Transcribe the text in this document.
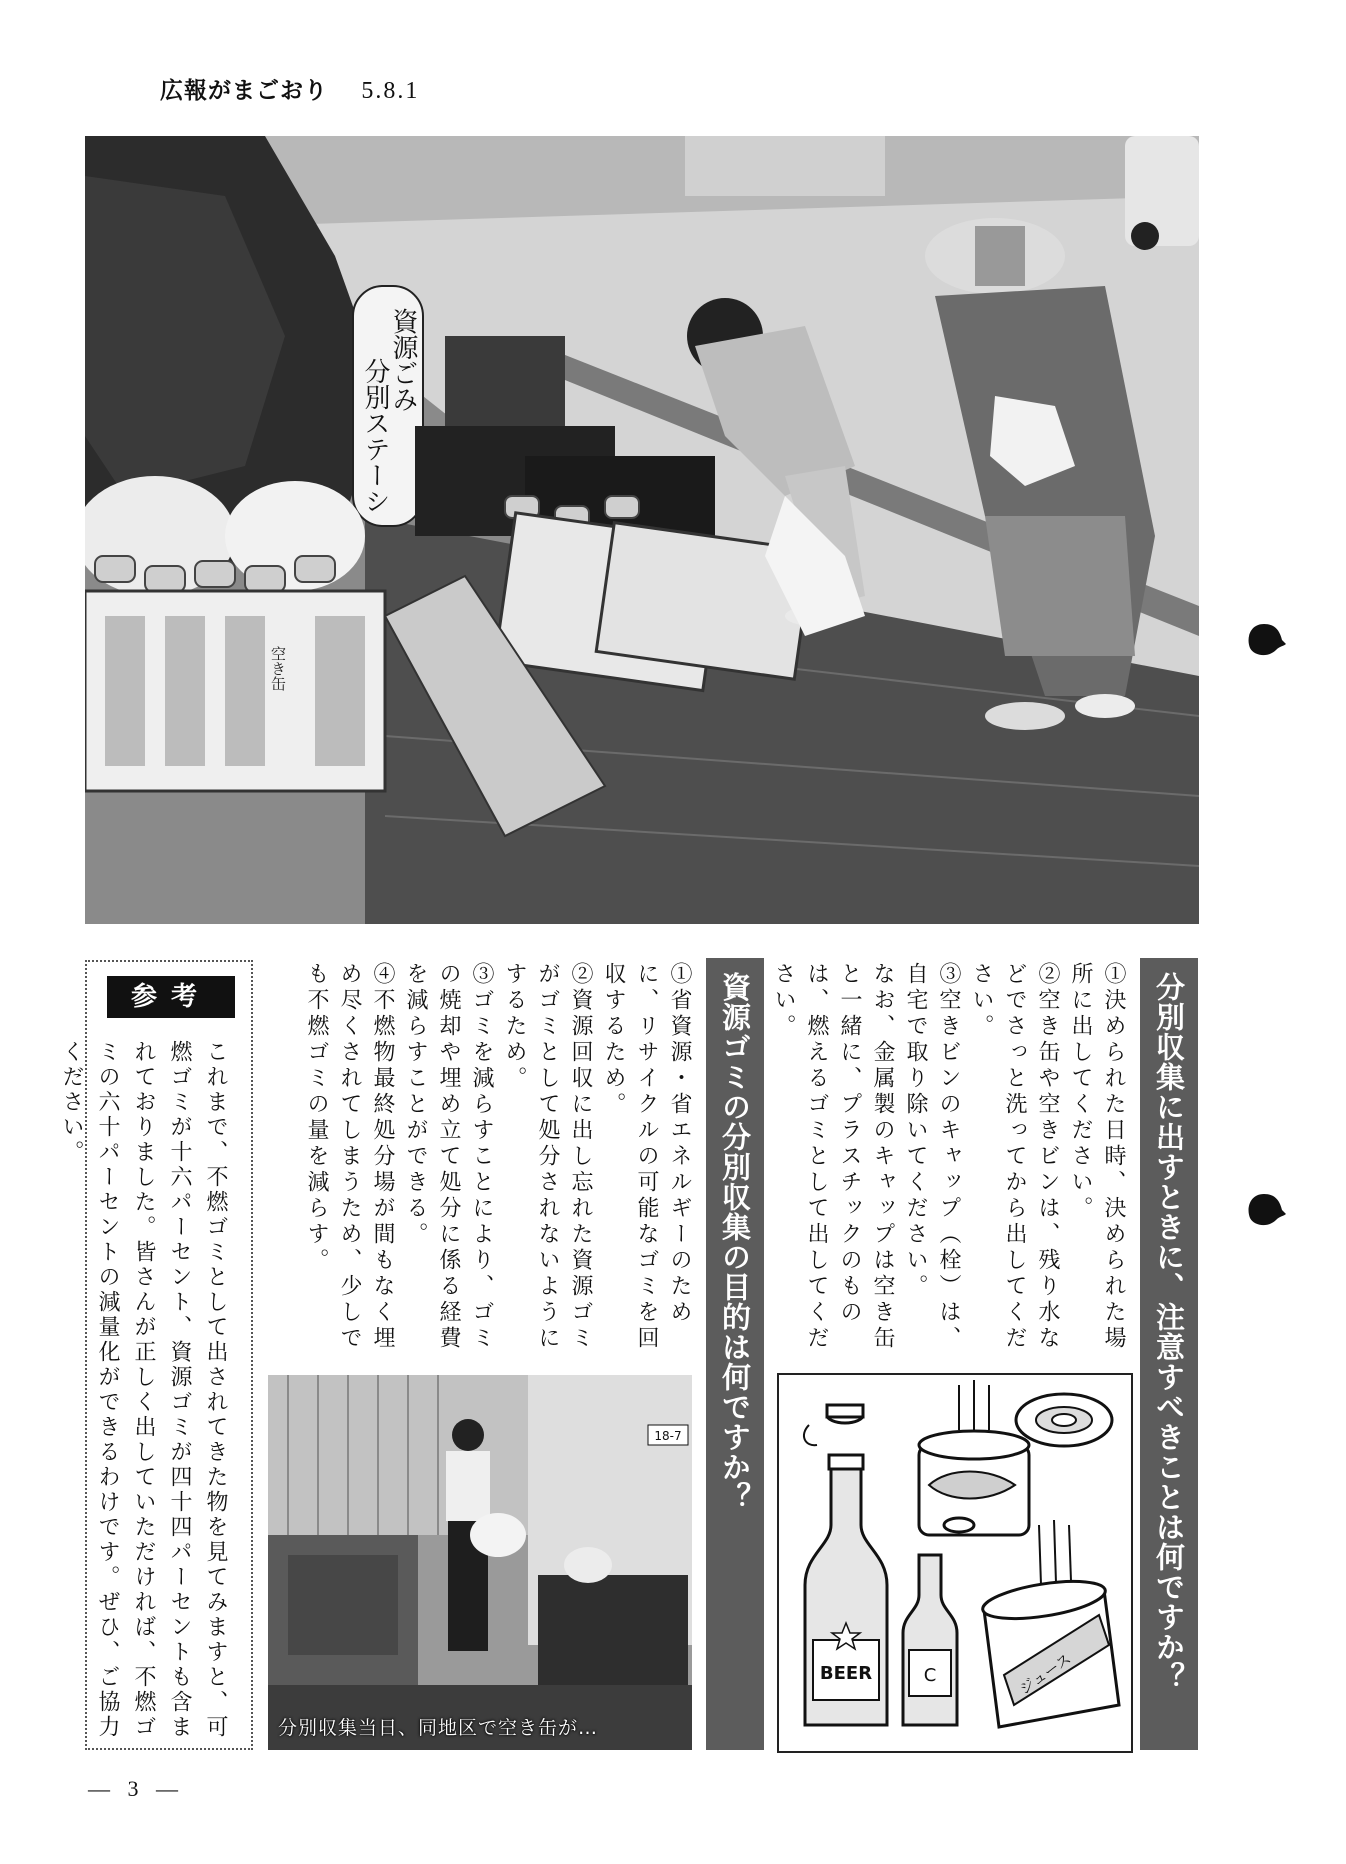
広報がまごおり 5.8.1
資源ごみ
分別ステーシ
空き缶
分別収集に出すときに、注意すべきことは何ですか？

①決められた日時、決められた場所に出してください。

②空き缶や空きビンは、残り水などでさっと洗ってから出してください。

③空きビンのキャップ（栓）は、自宅で取り除いてください。

なお、金属製のキャップは空き缶と一緒に、プラスチックのものは、燃えるゴミとして出してください。

BEER	C	ジュース
資源ゴミの分別収集の目的は何ですか？

①省資源・省エネルギーのために、リサイクルの可能なゴミを回収するため。

②資源回収に出し忘れた資源ゴミがゴミとして処分されないようにするため。

③ゴミを減らすことにより、ゴミの焼却や埋め立て処分に係る経費を減らすことができる。

④不燃物最終処分場が間もなく埋め尽くされてしまうため、少しでも不燃ゴミの量を減らす。

18-7
分別収集当日、同地区で空き缶が…
参考
これまで、不燃ゴミとして出されてきた物を見てみますと、可燃ゴミが十六パーセント、資源ゴミが四十四パーセントも含まれておりました。皆さんが正しく出していただければ、不燃ゴミの六十パーセントの減量化ができるわけです。ぜひ、ご協力ください。
— 3 —
